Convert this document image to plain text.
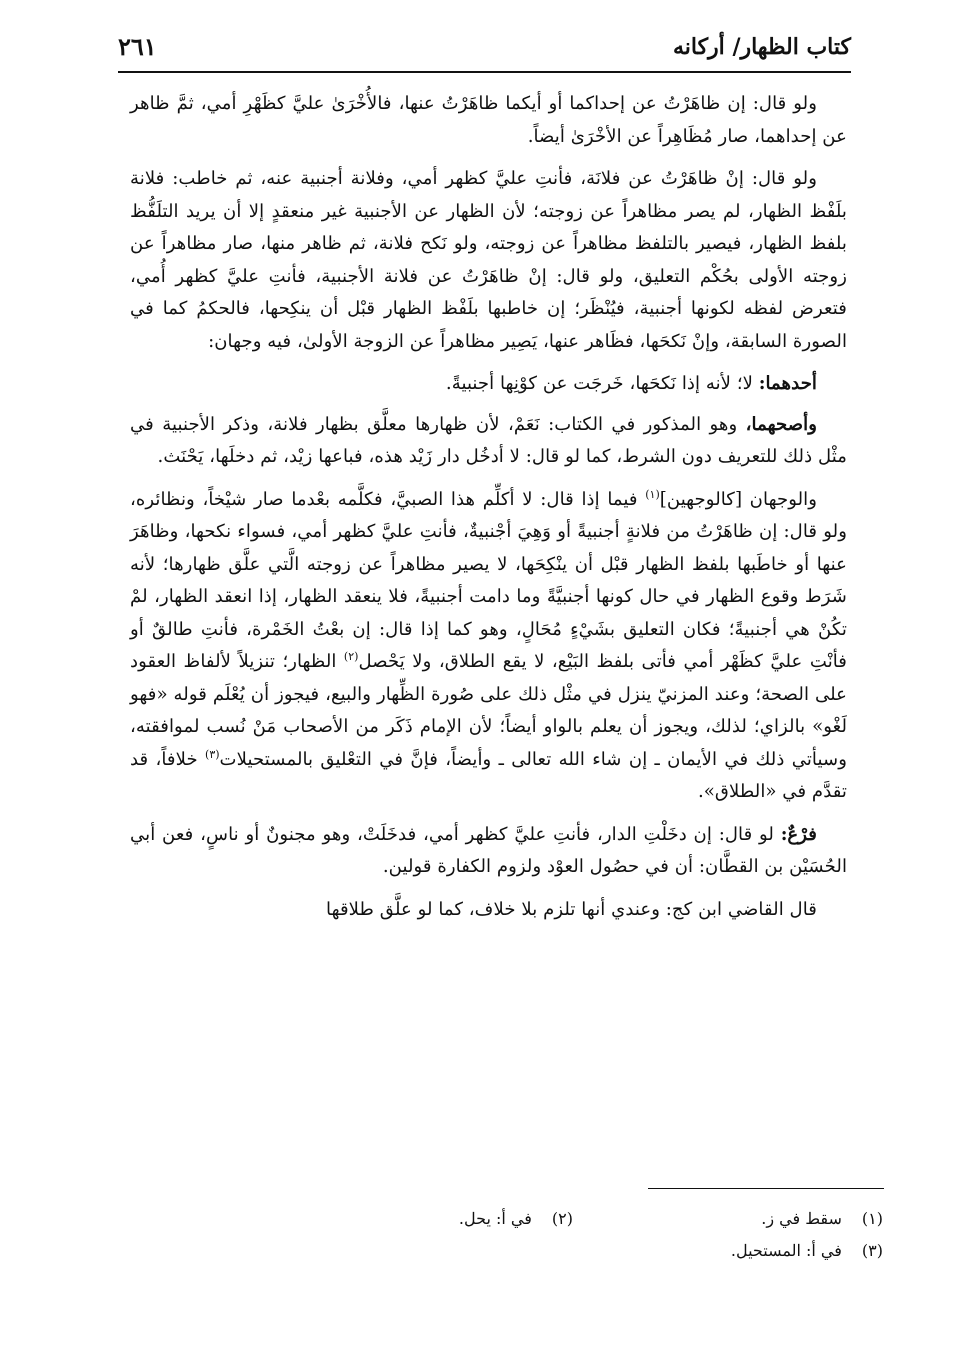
كتاب الظهار/ أركانه
٢٦١

ولو قال: إن ظاهَرْتُ عن إحداكما أو أيكما ظاهَرْتُ عنها، فالأُخْرَىٰ عليَّ كظَهْرِ أمي، ثمَّ ظاهر عن إحداهما، صار مُظَاهِراً عن الأخْرَىٰ أيضاً.

ولو قال: إنْ ظاهَرْتُ عن فلانَة، فأنتِ عليَّ كظهر أمي، وفلانة أجنبية عنه، ثم خاطب: فلانة بلَفْظ الظهار، لم يصر مظاهراً عن زوجته؛ لأن الظهار عن الأجنبية غير منعقدٍ إلا أن يريد التلَفُّظ بلفظ الظهار، فيصير بالتلفظ مظاهراً عن زوجته، ولو نَكح فلانة، ثم ظاهر منها، صار مظاهراً عن زوجته الأولى بحُكْم التعليق، ولو قال: إنْ ظاهَرْتُ عن فلانة الأجنبية، فأنتِ عليَّ كظهر أُمي، فتعرض لفظه لكونها أجنبية، فيُنْظَر؛ إن خاطبها بلَفْظ الظهار قبْل أن ينكِحها، فالحكمُ كما في الصورة السابقة، وإنْ نَكحَها، فظَاهر عنها، يَصِير مظاهراً عن الزوجة الأولىٰ، فيه وجهان:

أحدهما: لا؛ لأنه إذا نَكحَها، خَرجَت عن كوْنِها أجنبيةً.

وأصحهما، وهو المذكور في الكتاب: نَعَمْ، لأن ظهارها معلَّق بظهار فلانة، وذكر الأجنبية في مثْل ذلك للتعريف دون الشرط، كما لو قال: لا أدخُل دار زَيْد هذه، فباعها زيْد، ثم دخلَها، يَحْنَث.

والوجهان [كالوجهين]$^{(١)}$ فيما إذا قال: لا أكلِّم هذا الصبيَّ، فكلَّمه بعْدما صار شيْخاً، ونظائره، ولو قال: إن ظاهَرْتُ من فلانةٍ أجنبيةً أو وَهِيَ أجْنبيةٌ، فأنتِ عليَّ كظهر أمي، فسواء نكحها، وظاهَرَ عنها أو خاطَبها بلفظ الظهار قبْل أن ينْكِحَها، لا يصير مظاهراً عن زوجته الَّتي علَّق ظهارها؛ لأنه شَرَط وقوع الظهار في حال كونها أجنبيَّةً وما دامت أجنبيةً، فلا ينعقد الظهار، إذا انعقد الظهار، لمْ تكُنْ هي أجنبيةً؛ فكان التعليق بشَيْءٍ مُحَالٍ، وهو كما إذا قال: إن بعْتُ الخَمْرة، فأنتِ طالقٌ أو فأنْتِ عليَّ كظَهْر أمي فأتى بلفظ البَيْع، لا يقع الطلاق، ولا يَحْصل$^{(٢)}$ الظهار؛ تنزيلاً لألفاظ العقود على الصحة؛ وعند المزنيّ ينزل في مثْل ذلك على صُورة الظِّهار والبيع، فيجوز أن يُعْلَم قوله «فهو لَغْو» بالزاي؛ لذلك، ويجوز أن يعلم بالواو أيضاً؛ لأن الإمام ذَكَر من الأصحاب مَنْ نُسب لموافقته، وسيأتي ذلك في الأيمان ـ إن شاء الله تعالى ـ وأيضاً، فإنَّ في التعْليق بالمستحيلات$^{(٣)}$ خلافاً، قد تقدَّم في «الطلاق».

فرْعٌ: لو قال: إن دخَلْتِ الدار، فأنتِ عليَّ كظهر أمي، فدخَلَتْ، وهو مجنونٌ أو ناسٍ، فعن أبي الحُسَيْن بن القطَّان: أن في حصُول العوْد ولزوم الكفارة قولين.

قال القاضي ابن كج: وعندي أنها تلزم بلا خلاف، كما لو علَّق طلاقها

(١) سقط في ز.
(٢) في أ: يحل.
(٣) في أ: المستحيل.
